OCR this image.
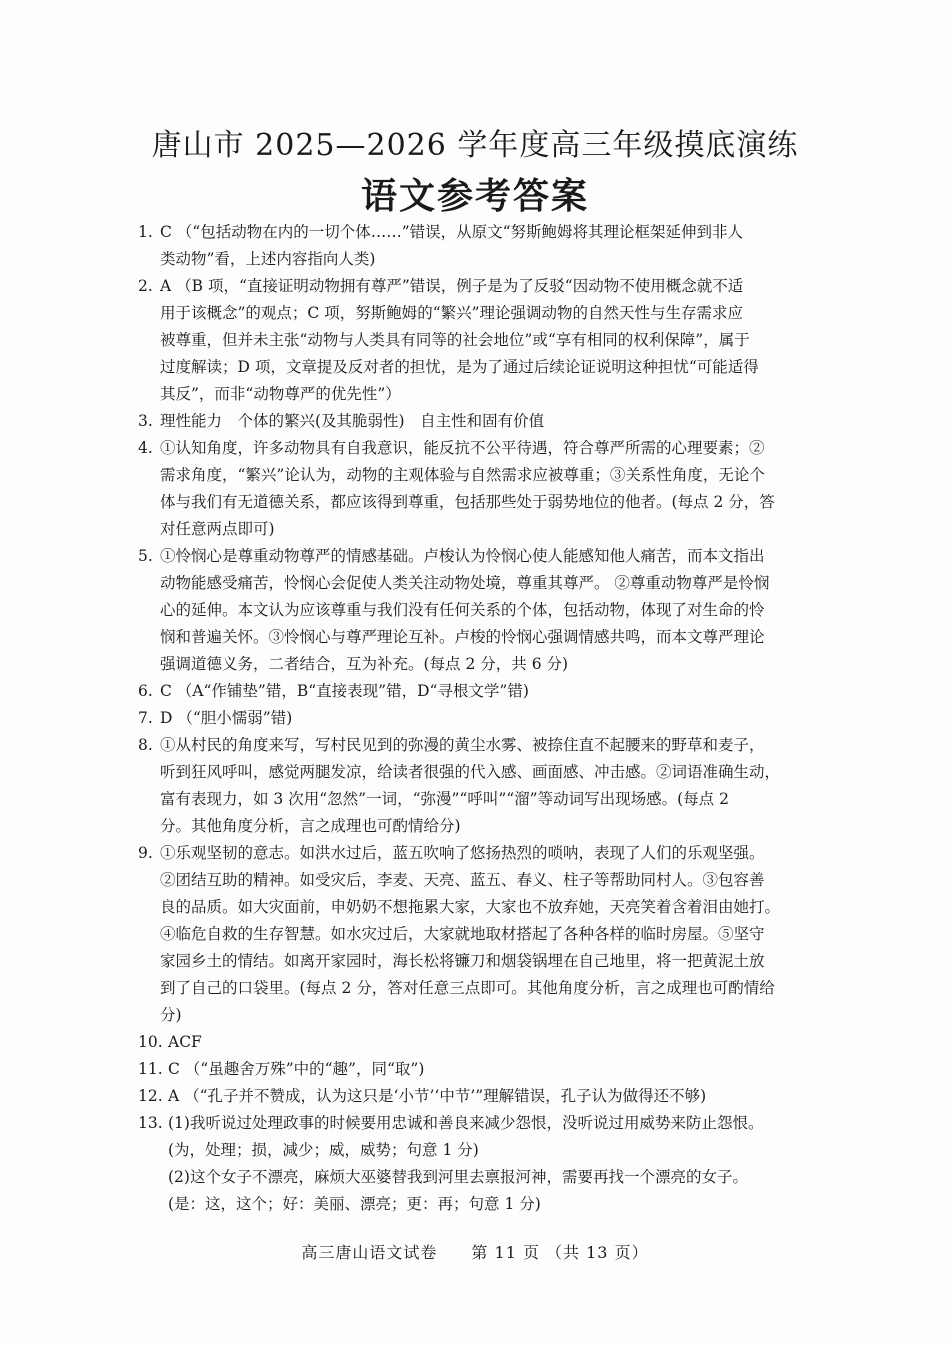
唐山市 2025—2026 学年度高三年级摸底演练
语文参考答案
1. C （“包括动物在内的一切个体……”错误，从原文“努斯鲍姆将其理论框架延伸到非人
类动物”看，上述内容指向人类)
2. A （B 项，“直接证明动物拥有尊严”错误，例子是为了反驳“因动物不使用概念就不适
用于该概念”的观点；C 项，努斯鲍姆的“繁兴”理论强调动物的自然天性与生存需求应
被尊重，但并未主张“动物与人类具有同等的社会地位”或“享有相同的权利保障”，属于
过度解读；D 项，文章提及反对者的担忧，是为了通过后续论证说明这种担忧“可能适得
其反”，而非“动物尊严的优先性”）
3. 理性能力　个体的繁兴(及其脆弱性)　自主性和固有价值
4. ①认知角度，许多动物具有自我意识，能反抗不公平待遇，符合尊严所需的心理要素；②
需求角度，“繁兴”论认为，动物的主观体验与自然需求应被尊重；③关系性角度，无论个
体与我们有无道德关系，都应该得到尊重，包括那些处于弱势地位的他者。(每点 2 分，答
对任意两点即可)
5. ①怜悯心是尊重动物尊严的情感基础。卢梭认为怜悯心使人能感知他人痛苦，而本文指出
动物能感受痛苦，怜悯心会促使人类关注动物处境，尊重其尊严。 ②尊重动物尊严是怜悯
心的延伸。本文认为应该尊重与我们没有任何关系的个体，包括动物，体现了对生命的怜
悯和普遍关怀。③怜悯心与尊严理论互补。卢梭的怜悯心强调情感共鸣，而本文尊严理论
强调道德义务，二者结合，互为补充。(每点 2 分，共 6 分)
6. C （A“作铺垫”错，B“直接表现”错，D“寻根文学”错)
7. D （“胆小懦弱”错)
8. ①从村民的角度来写，写村民见到的弥漫的黄尘水雾、被捺住直不起腰来的野草和麦子，
听到狂风呼叫，感觉两腿发凉，给读者很强的代入感、画面感、冲击感。②词语准确生动，
富有表现力，如 3 次用“忽然”一词，“弥漫”“呼叫”“溜”等动词写出现场感。(每点 2
分。其他角度分析，言之成理也可酌情给分)
9. ①乐观坚韧的意志。如洪水过后，蓝五吹响了悠扬热烈的唢呐，表现了人们的乐观坚强。
②团结互助的精神。如受灾后，李麦、天亮、蓝五、春义、柱子等帮助同村人。③包容善
良的品质。如大灾面前，申奶奶不想拖累大家，大家也不放弃她，天亮笑着含着泪由她打。
④临危自救的生存智慧。如水灾过后，大家就地取材搭起了各种各样的临时房屋。⑤坚守
家园乡土的情结。如离开家园时，海长松将镰刀和烟袋锅埋在自己地里，将一把黄泥土放
到了自己的口袋里。(每点 2 分，答对任意三点即可。其他角度分析，言之成理也可酌情给
分)
10. ACF
11. C （“虽趣舍万殊”中的“趣”，同“取”)
12. A （“孔子并不赞成，认为这只是‘小节’‘中节’”理解错误，孔子认为做得还不够)
13. (1)我听说过处理政事的时候要用忠诚和善良来减少怨恨，没听说过用威势来防止怨恨。
(为，处理；损，减少；威，威势；句意 1 分)
(2)这个女子不漂亮，麻烦大巫婆替我到河里去禀报河神，需要再找一个漂亮的女子。
(是：这，这个；好：美丽、漂亮；更：再；句意 1 分)
高三唐山语文试卷　　第 11 页 （共 13 页）
